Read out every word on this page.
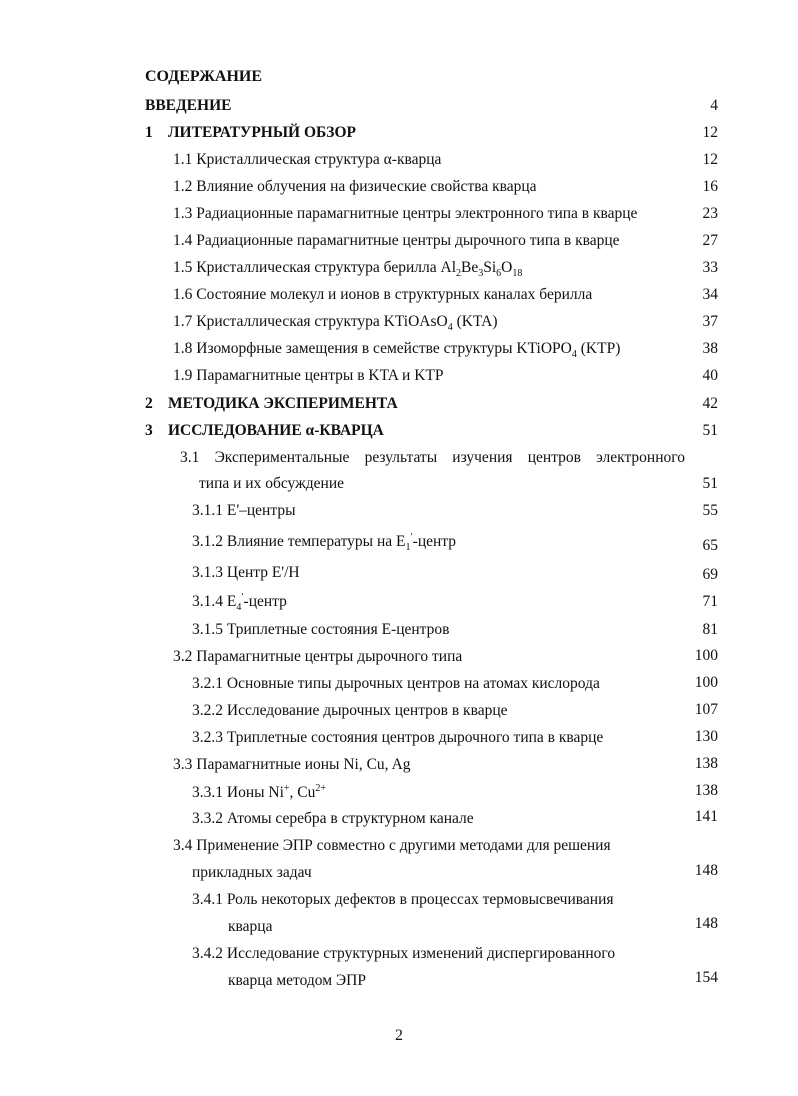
СОДЕРЖАНИЕ
ВВЕДЕНИЕ	4
1 ЛИТЕРАТУРНЫЙ ОБЗОР	12
1.1 Кристаллическая структура α-кварца	12
1.2 Влияние облучения на физические свойства кварца	16
1.3 Радиационные парамагнитные центры электронного типа в кварце	23
1.4 Радиационные парамагнитные центры дырочного типа в кварце	27
1.5 Кристаллическая структура берилла $Al_2Be_3Si_6O_{18}$	33
1.6 Состояние молекул и ионов в структурных каналах берилла	34
1.7 Кристаллическая структура KTiOAsO$_4$ (KTA)	37
1.8 Изоморфные замещения в семействе структуры KTiOPO$_4$ (KTP)	38
1.9 Парамагнитные центры в KTA и KTP	40
2 МЕТОДИКА ЭКСПЕРИМЕНТА	42
3 ИССЛЕДОВАНИЕ α-КВАРЦА	51
3.1 Экспериментальные результаты изучения центров электронного
типа и их обсуждение	51
3.1.1 E'–центры	55
3.1.2 Влияние температуры на $E_1'$-центр	65
3.1.3 Центр E'/H	69
3.1.4 $E_4'$-центр	71
3.1.5 Триплетные состояния E-центров	81
3.2 Парамагнитные центры дырочного типа	100
3.2.1 Основные типы дырочных центров на атомах кислорода	100
3.2.2 Исследование дырочных центров в кварце	107
3.2.3 Триплетные состояния центров дырочного типа в кварце	130
3.3 Парамагнитные ионы Ni, Cu, Ag	138
3.3.1 Ионы Ni+, $Cu^{2+}$	138
3.3.2 Атомы серебра в структурном канале	141
3.4 Применение ЭПР совместно с другими методами для решения
прикладных задач	148
3.4.1 Роль некоторых дефектов в процессах термовысвечивания
кварца	148
3.4.2 Исследование структурных изменений диспергированного
кварца методом ЭПР	154
2
